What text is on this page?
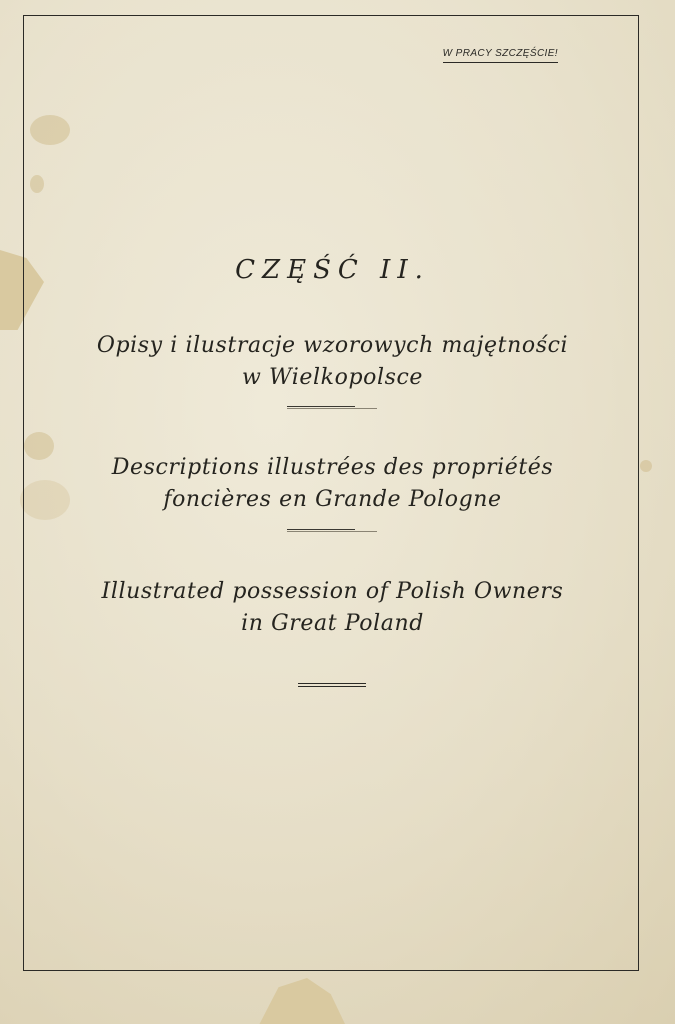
W PRACY SZCZĘŚCIE!
CZĘŚĆ II.
Opisy i ilustracje wzorowych majętności
w Wielkopolsce
Descriptions illustrées des propriétés
foncières en Grande Pologne
Illustrated possession of Polish Owners
in Great Poland
